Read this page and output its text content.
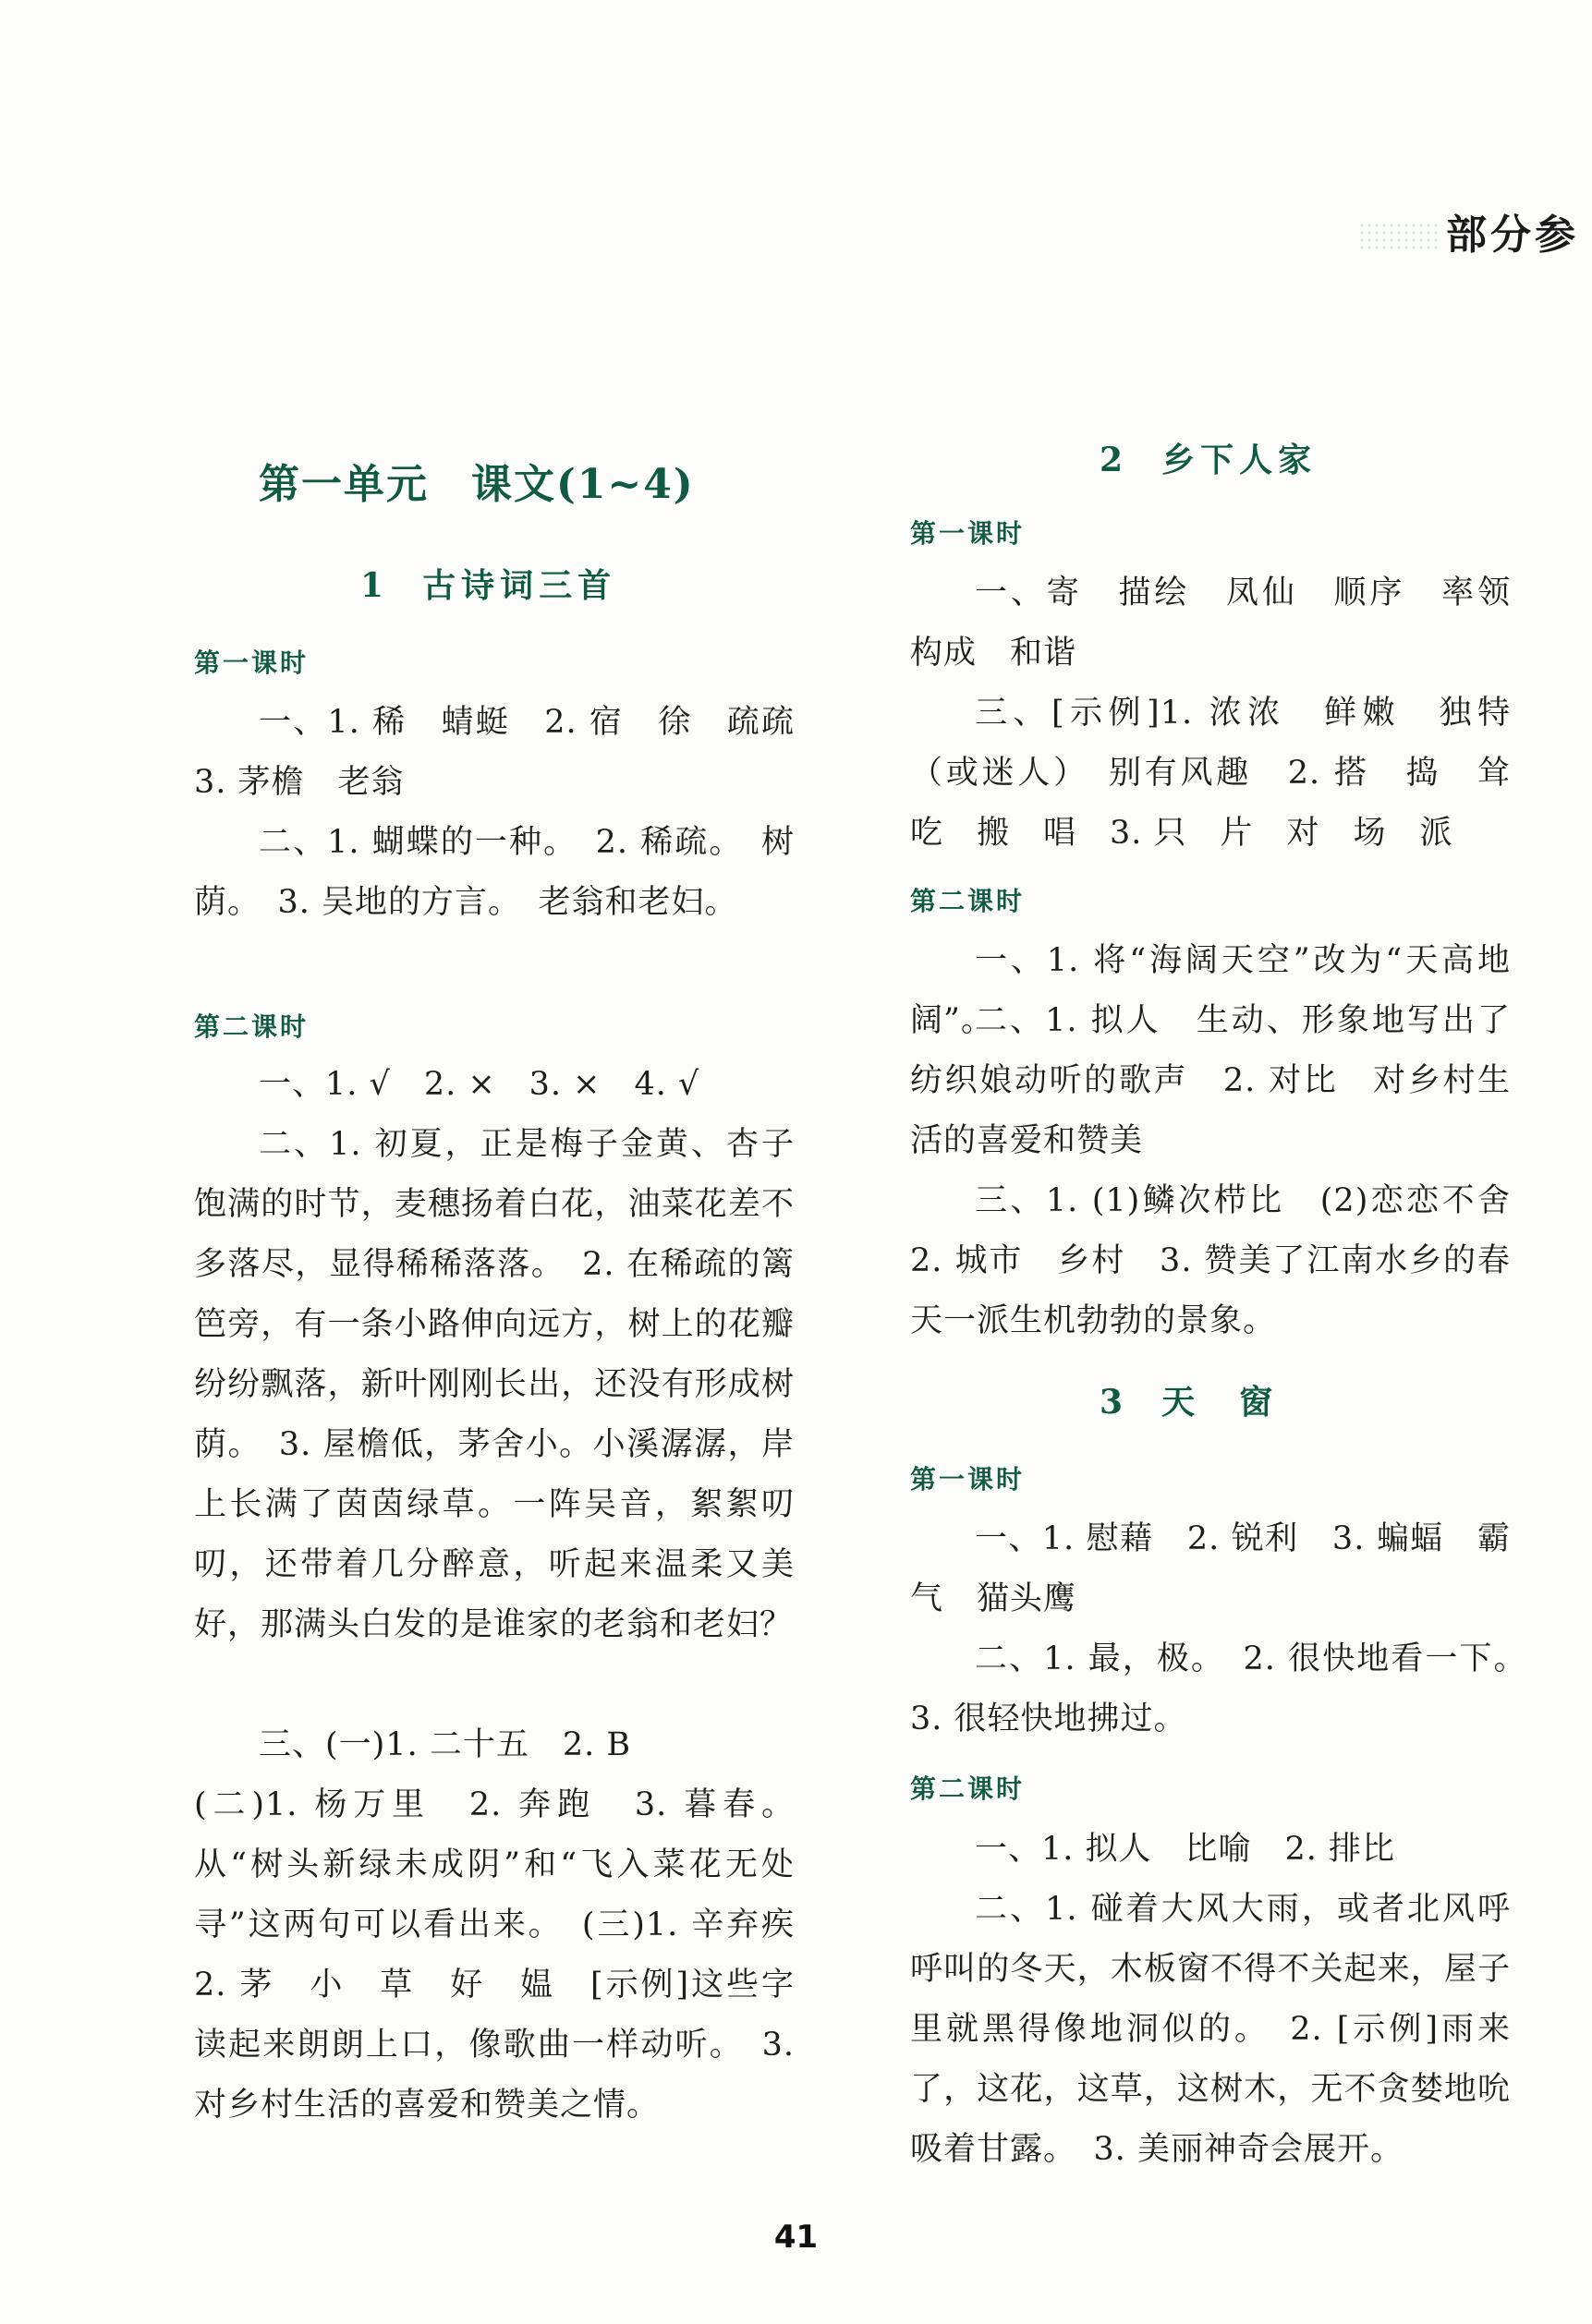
部分参
第一单元　课文(1~4)
1 古诗词三首
第一课时
一、1. 稀　蜻蜓　2. 宿　徐　疏疏　3. 茅檐　老翁
二、1. 蝴蝶的一种。　2. 稀疏。　树荫。　3. 吴地的方言。　老翁和老妇。
第二课时
一、1. √　2. ×　3. ×　4. √
二、1. 初夏，正是梅子金黄、杏子饱满的时节，麦穗扬着白花，油菜花差不多落尽，显得稀稀落落。　2. 在稀疏的篱笆旁，有一条小路伸向远方，树上的花瓣纷纷飘落，新叶刚刚长出，还没有形成树荫。　3. 屋檐低，茅舍小。小溪潺潺，岸上长满了茵茵绿草。一阵吴音，絮絮叨叨，还带着几分醉意，听起来温柔又美好，那满头白发的是谁家的老翁和老妇？
三、(一)1. 二十五　2. B
(二)1. 杨万里　2. 奔跑　3. 暮春。从“树头新绿未成阴”和“飞入菜花无处寻”这两句可以看出来。　(三)1. 辛弃疾　2. 茅　小　草　好　媪　[示例]这些字读起来朗朗上口，像歌曲一样动听。　3. 对乡村生活的喜爱和赞美之情。
2 乡下人家
第一课时
一、寄　描绘　凤仙　顺序　率领　构成　和谐
三、[示例]1. 浓浓　鲜嫩　独特（或迷人）　别有风趣　2. 搭　捣　耸　吃　搬　唱　3. 只　片　对　场　派
第二课时
一、1. 将“海阔天空”改为“天高地阔”。
二、1. 拟人　生动、形象地写出了纺织娘动听的歌声　2. 对比　对乡村生活的喜爱和赞美
三、1. (1)鳞次栉比　(2)恋恋不舍　2. 城市　乡村　3. 赞美了江南水乡的春天一派生机勃勃的景象。
3 天　窗
第一课时
一、1. 慰藉　2. 锐利　3. 蝙蝠　霸气　猫头鹰
二、1. 最，极。　2. 很快地看一下。　3. 很轻快地拂过。
第二课时
一、1. 拟人　比喻　2. 排比
二、1. 碰着大风大雨，或者北风呼呼叫的冬天，木板窗不得不关起来，屋子里就黑得像地洞似的。　2. [示例]雨来了，这花，这草，这树木，无不贪婪地吮吸着甘露。　3. 美丽神奇会展开。
41
